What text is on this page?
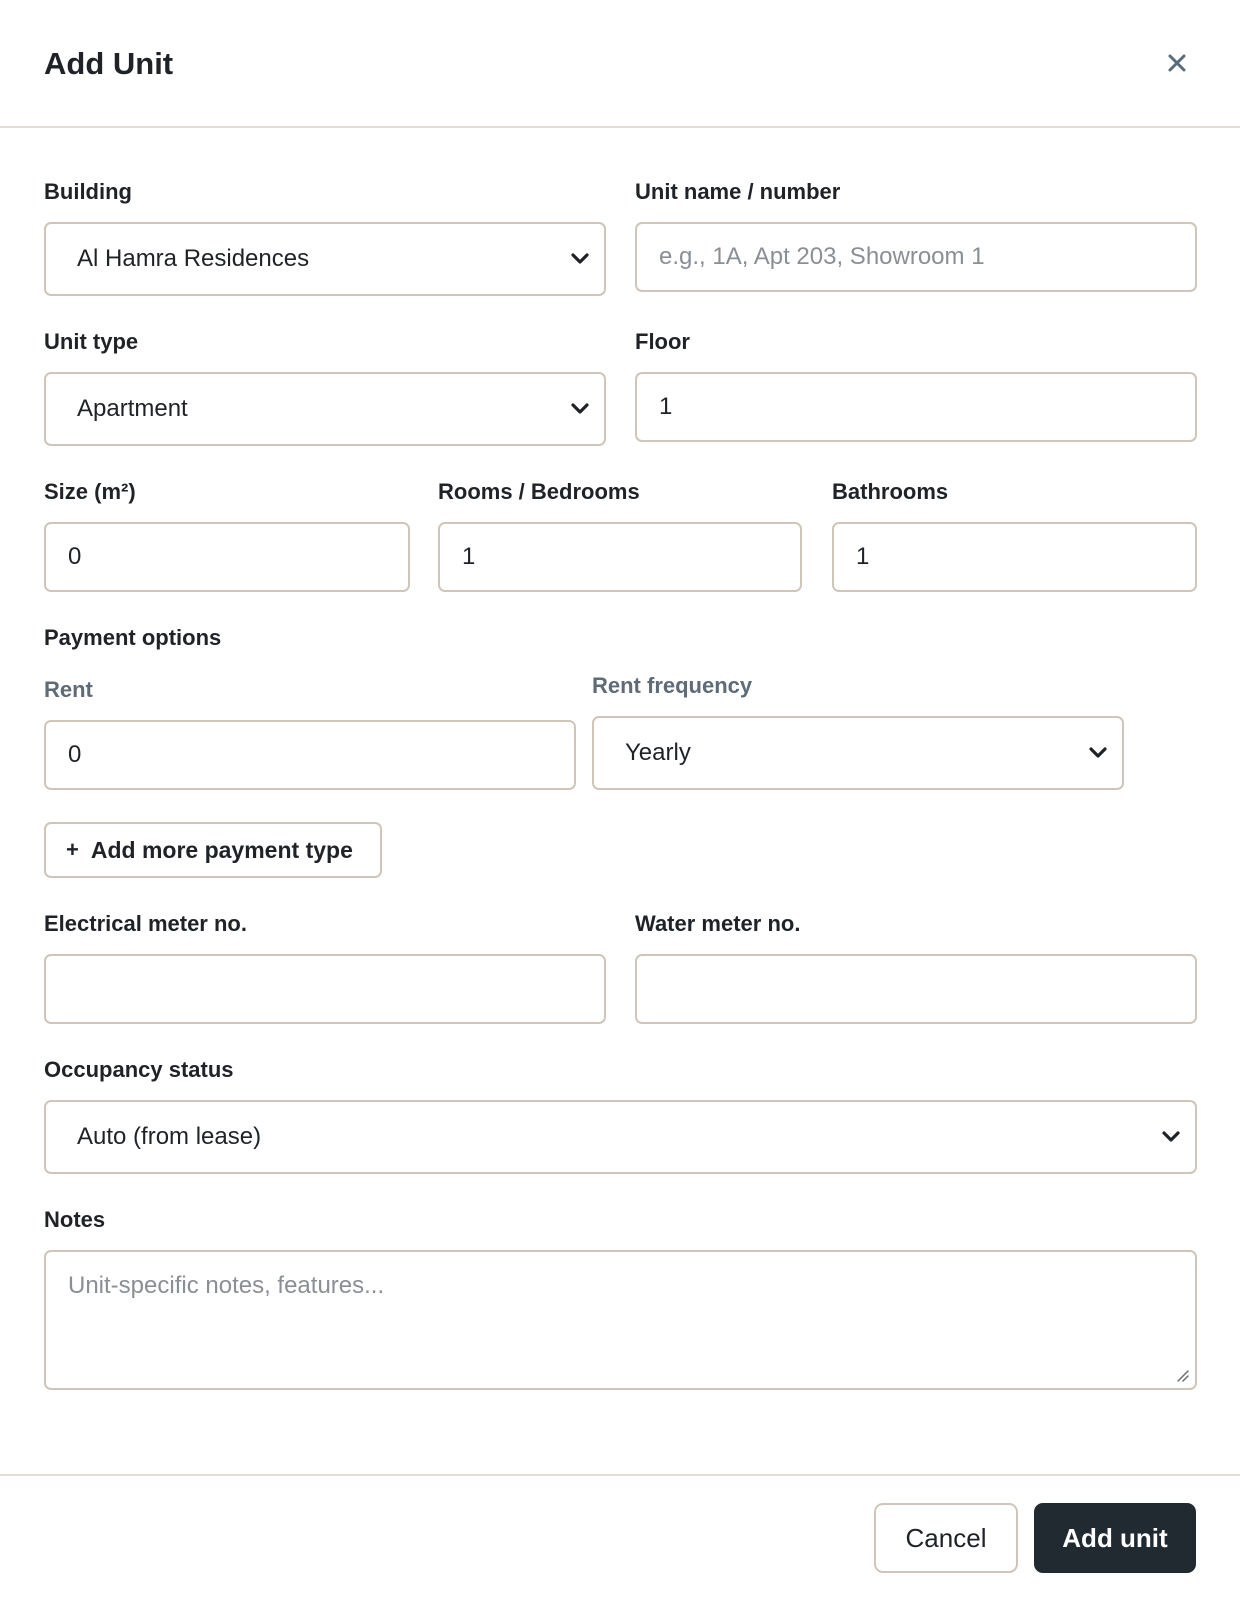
Add Unit
Building
Al Hamra Residences
Unit name / number
e.g., 1A, Apt 203, Showroom 1
Unit type
Apartment
Floor
1
Size (m²)
0
Rooms / Bedrooms
1
Bathrooms
1
Payment options
Rent
0
Rent frequency
Yearly
+ Add more payment type
Electrical meter no.	Water meter no.
Occupancy status
Auto (from lease)
Notes
Unit-specific notes, features...
Cancel	Add unit
